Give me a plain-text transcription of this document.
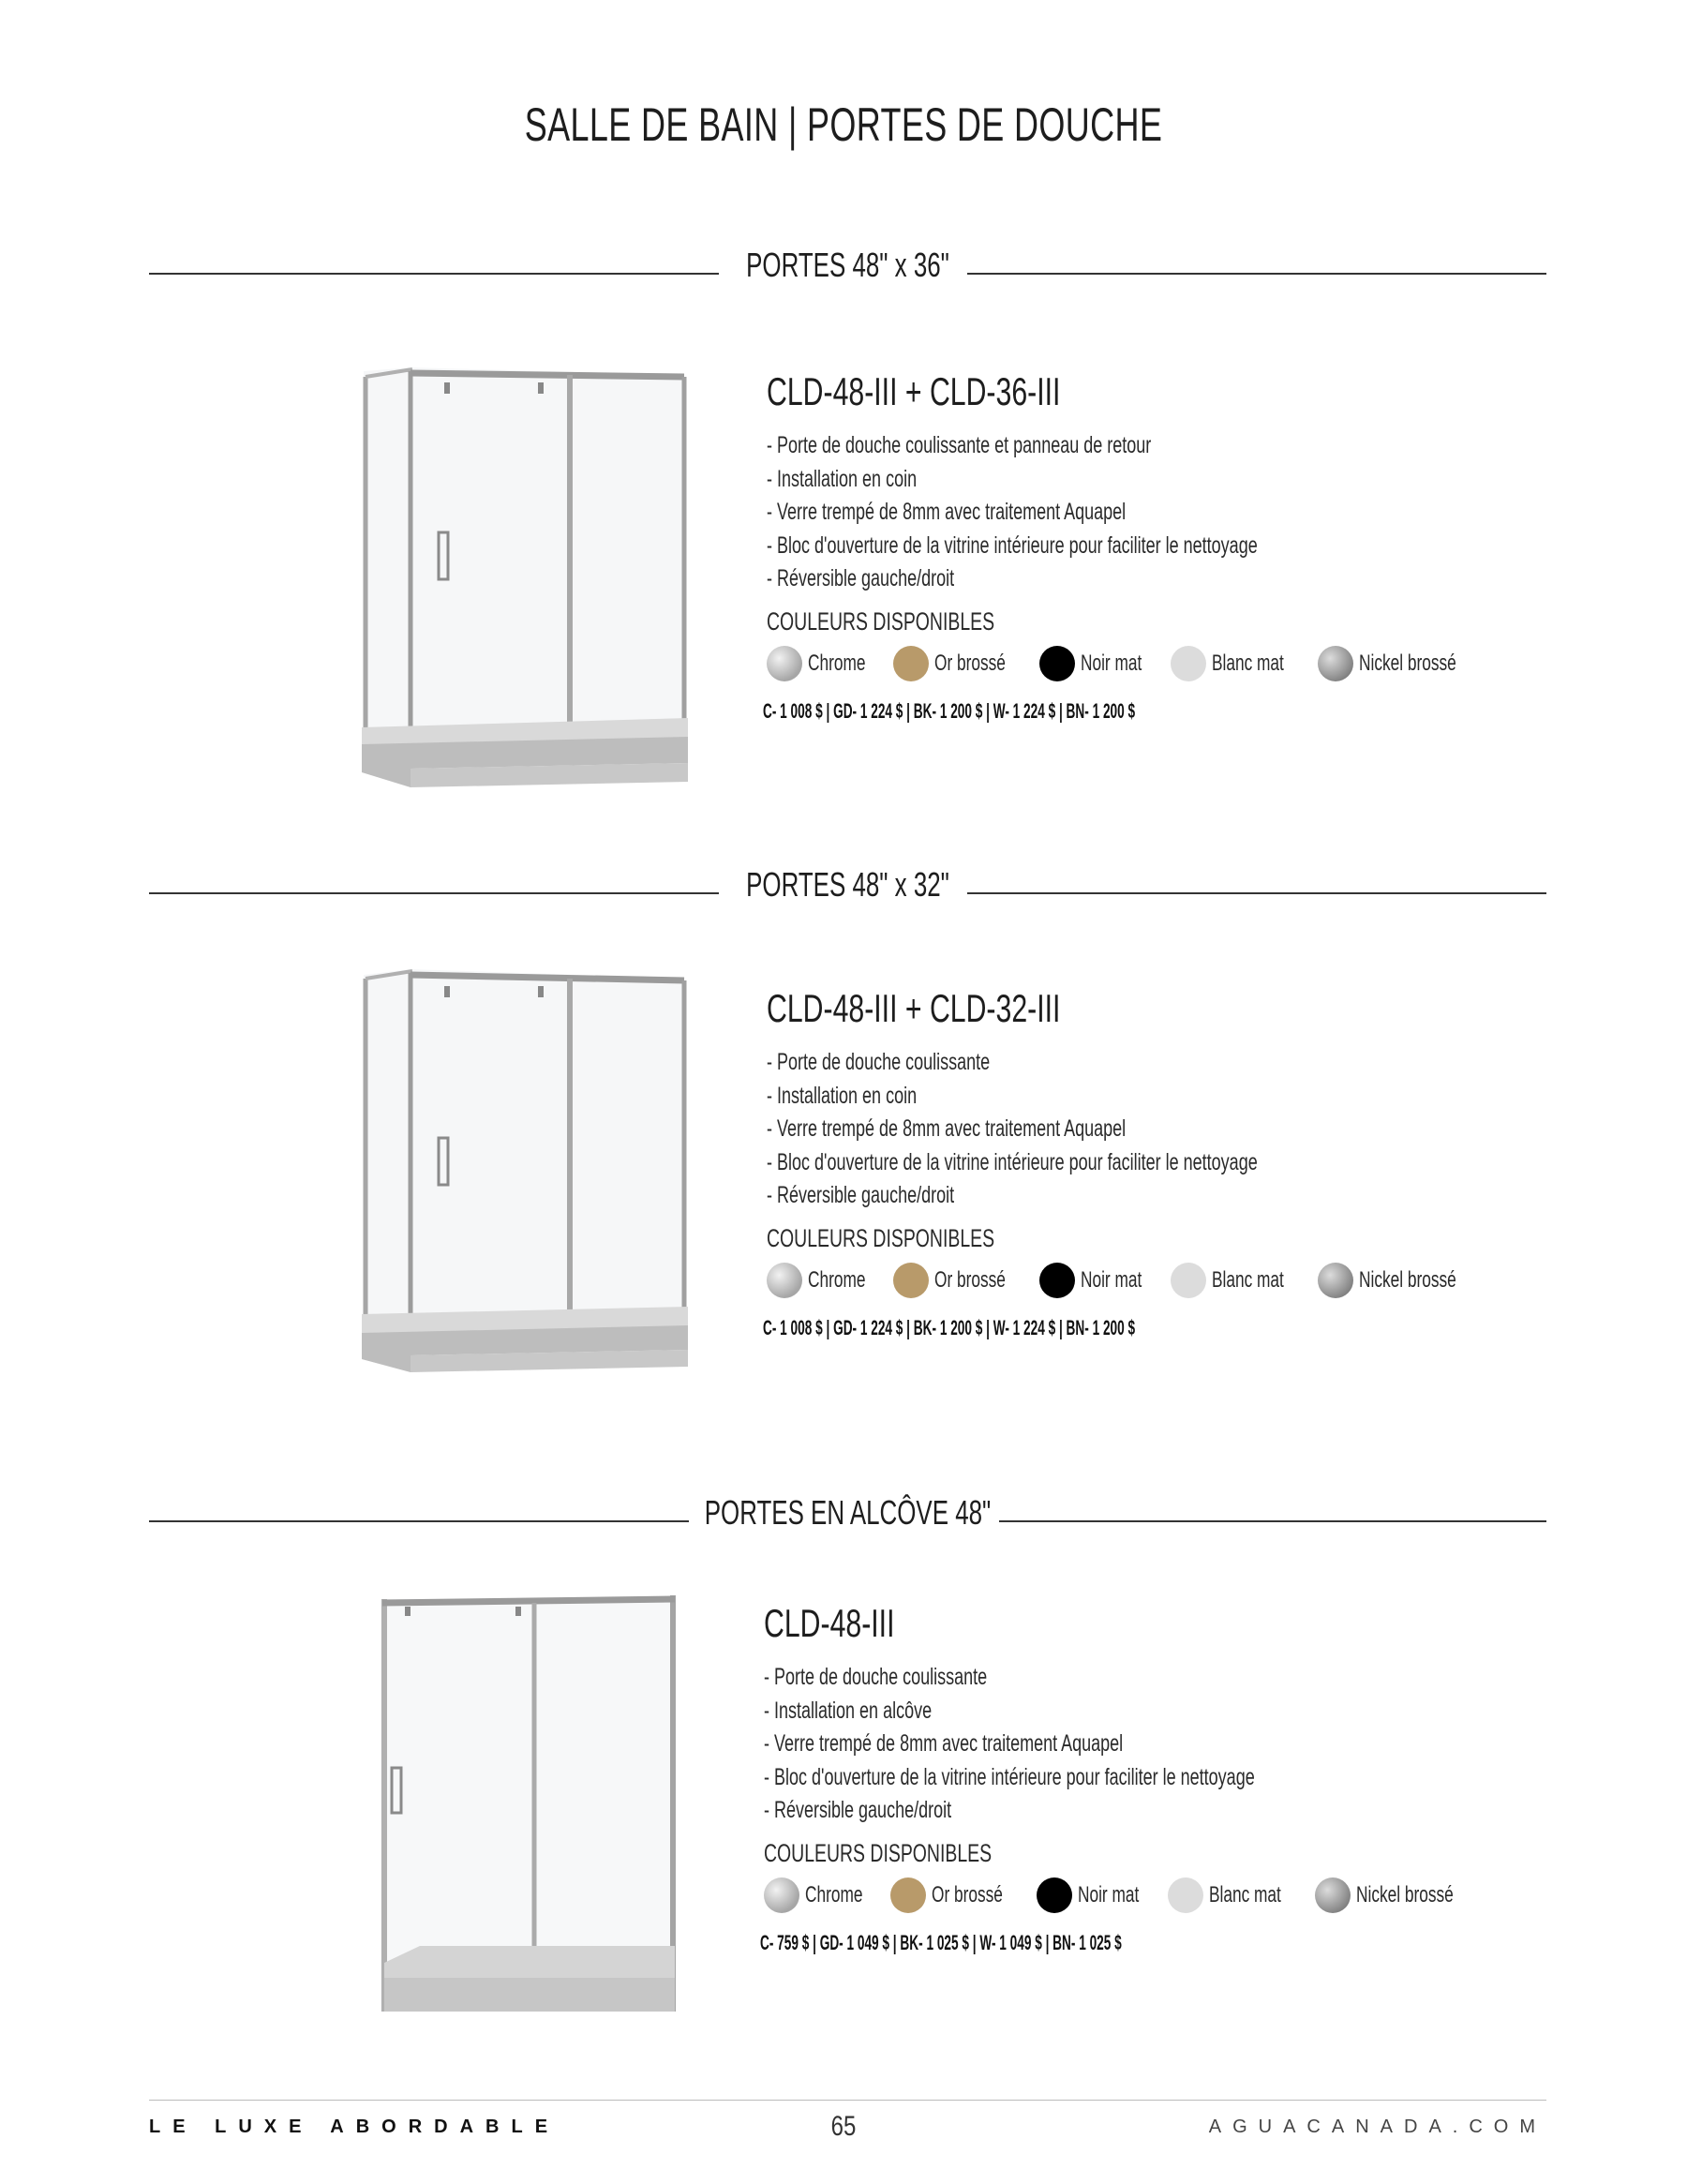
SALLE DE BAIN | PORTES DE DOUCHE
PORTES 48" x 36"
CLD-48-III + CLD-36-III
- Porte de douche coulissante et panneau de retour
- Installation en coin
- Verre trempé de 8mm avec traitement Aquapel
- Bloc d'ouverture de la vitrine intérieure pour faciliter le nettoyage
- Réversible gauche/droit
COULEURS DISPONIBLES
Chrome	Or brossé	Noir mat	Blanc mat	Nickel brossé
C- 1 008 $ | GD- 1 224 $ | BK- 1 200 $ | W- 1 224 $ | BN- 1 200 $
PORTES 48" x 32"
CLD-48-III + CLD-32-III
- Porte de douche coulissante
- Installation en coin
- Verre trempé de 8mm avec traitement Aquapel
- Bloc d'ouverture de la vitrine intérieure pour faciliter le nettoyage
- Réversible gauche/droit
COULEURS DISPONIBLES
Chrome	Or brossé	Noir mat	Blanc mat	Nickel brossé
C- 1 008 $ | GD- 1 224 $ | BK- 1 200 $ | W- 1 224 $ | BN- 1 200 $
PORTES EN ALCÔVE 48"
CLD-48-III
- Porte de douche coulissante
- Installation en alcôve
- Verre trempé de 8mm avec traitement Aquapel
- Bloc d'ouverture de la vitrine intérieure pour faciliter le nettoyage
- Réversible gauche/droit
COULEURS DISPONIBLES
Chrome	Or brossé	Noir mat	Blanc mat	Nickel brossé
C- 759 $ | GD- 1 049 $ | BK- 1 025 $ | W- 1 049 $ | BN- 1 025 $
LE LUXE ABORDABLE	65	AGUACANADA.COM
